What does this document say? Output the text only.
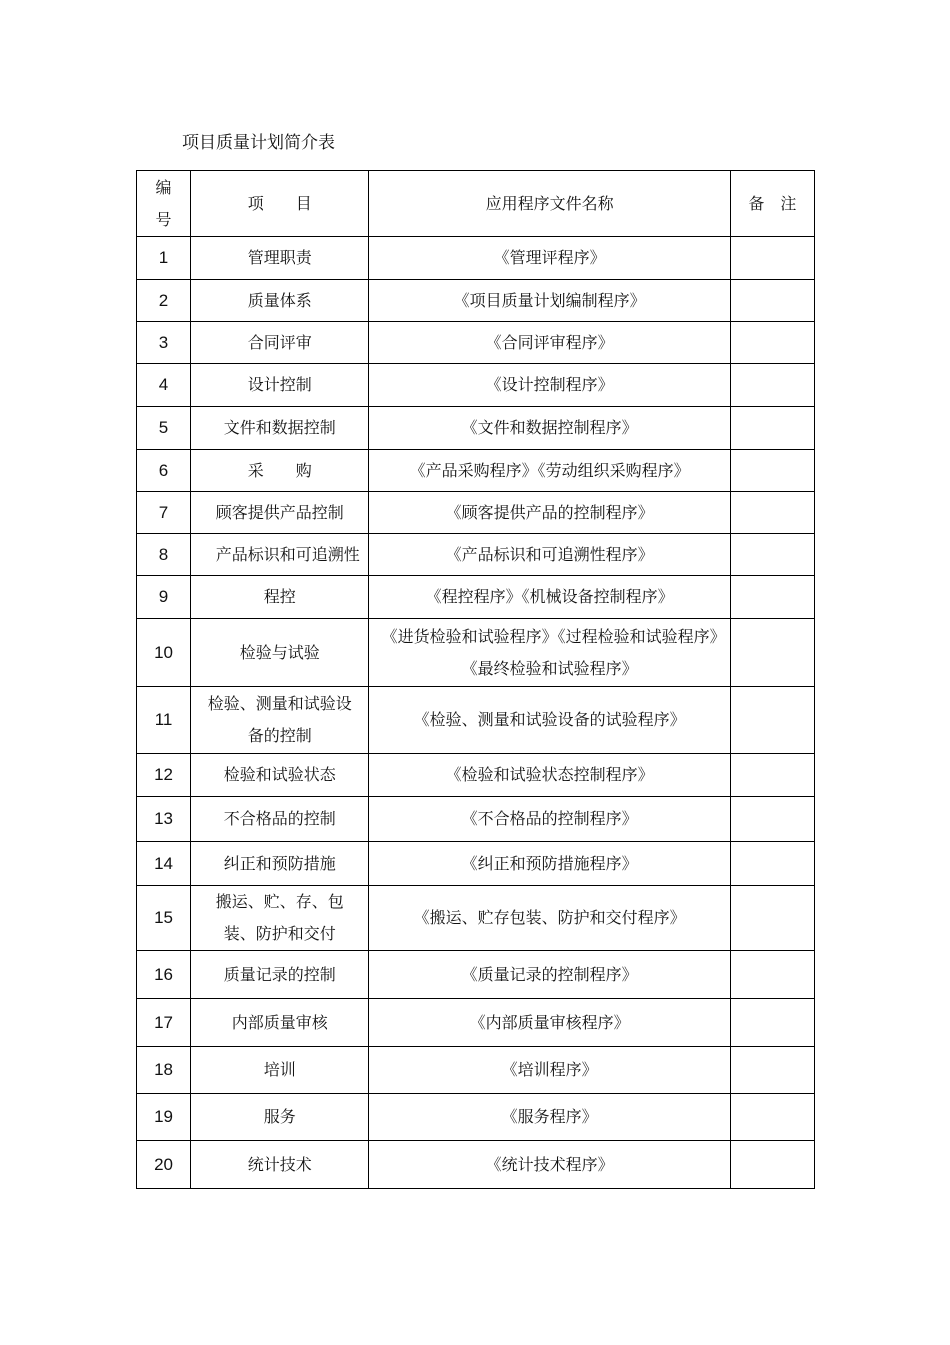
项目质量计划简介表
编号	项　　目	应用程序文件名称	备　注
1	管理职责	《管理评程序》	
2	质量体系	《项目质量计划编制程序》	
3	合同评审	《合同评审程序》	
4	设计控制	《设计控制程序》	
5	文件和数据控制	《文件和数据控制程序》	
6	采　　购	《产品采购程序》《劳动组织采购程序》	
7	顾客提供产品控制	《顾客提供产品的控制程序》	
8	产品标识和可追溯性	《产品标识和可追溯性程序》	
9	程控	《程控程序》《机械设备控制程序》	
10	检验与试验	《进货检验和试验程序》《过程检验和试验程序》《最终检验和试验程序》	
11	检验、测量和试验设备的控制	《检验、测量和试验设备的试验程序》	
12	检验和试验状态	《检验和试验状态控制程序》	
13	不合格品的控制	《不合格品的控制程序》	
14	纠正和预防措施	《纠正和预防措施程序》	
15	搬运、贮、存、包装、防护和交付	《搬运、贮存包装、防护和交付程序》	
16	质量记录的控制	《质量记录的控制程序》	
17	内部质量审核	《内部质量审核程序》	
18	培训	《培训程序》	
19	服务	《服务程序》	
20	统计技术	《统计技术程序》	
